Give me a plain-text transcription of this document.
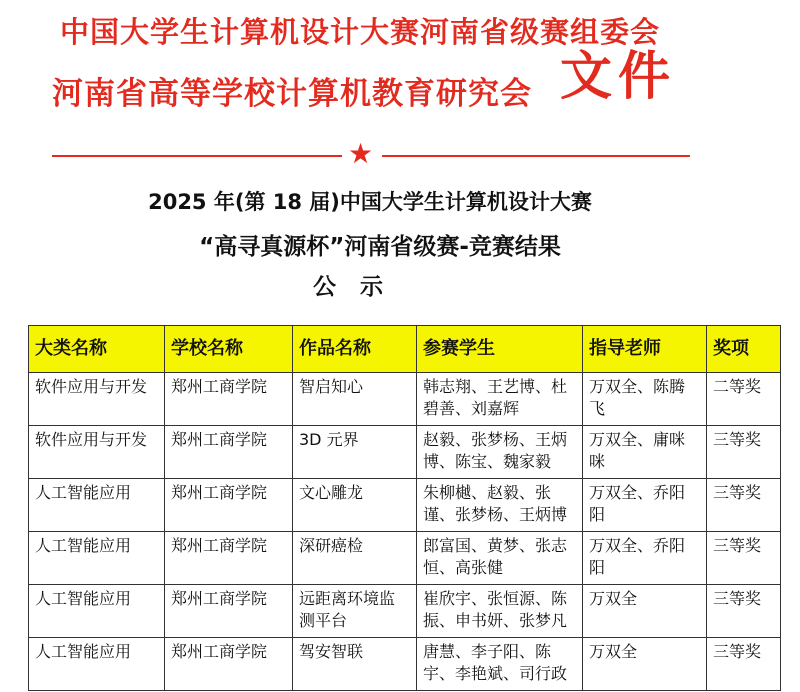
中国大学生计算机设计大赛河南省级赛组委会
河南省高等学校计算机教育研究会 文件
★
2025 年(第 18 届)中国大学生计算机设计大赛
“高寻真源杯”河南省级赛-竞赛结果
公示
大类名称	学校名称	作品名称	参赛学生	指导老师	奖项
软件应用与开发	郑州工商学院	智启知心	韩志翔、王艺博、杜碧善、刘嘉辉	万双全、陈腾飞	二等奖
软件应用与开发	郑州工商学院	3D 元界	赵毅、张梦杨、王炳博、陈宝、魏家毅	万双全、庸咪咪	三等奖
人工智能应用	郑州工商学院	文心雕龙	朱柳樾、赵毅、张谨、张梦杨、王炳博	万双全、乔阳阳	三等奖
人工智能应用	郑州工商学院	深研癌检	郎富国、黄梦、张志恒、高张健	万双全、乔阳阳	三等奖
人工智能应用	郑州工商学院	远距离环境监测平台	崔欣宇、张恒源、陈振、申书妍、张梦凡	万双全	三等奖
人工智能应用	郑州工商学院	驾安智联	唐慧、李子阳、陈宇、李艳斌、司行政	万双全	三等奖
